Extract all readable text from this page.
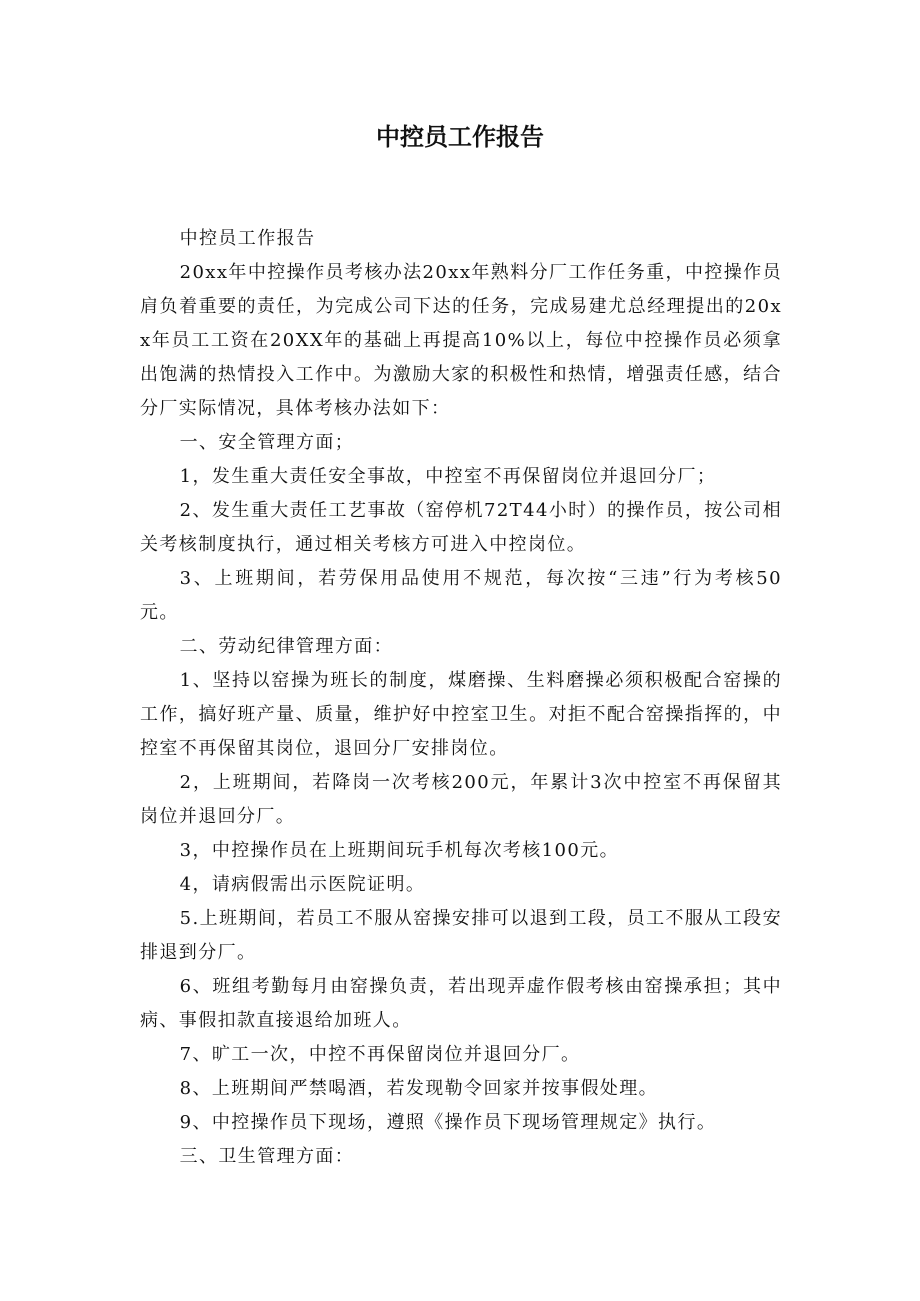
中控员工作报告

中控员工作报告

20xx年中控操作员考核办法20xx年熟料分厂工作任务重，中控操作员肩负着重要的责任，为完成公司下达的任务，完成易建尤总经理提出的20xx年员工工资在20XX年的基础上再提高10%以上，每位中控操作员必须拿出饱满的热情投入工作中。为激励大家的积极性和热情，增强责任感，结合分厂实际情况，具体考核办法如下：

一、安全管理方面；

1，发生重大责任安全事故，中控室不再保留岗位并退回分厂；

2、发生重大责任工艺事故（窑停机72T44小时）的操作员，按公司相关考核制度执行，通过相关考核方可进入中控岗位。

3、上班期间，若劳保用品使用不规范，每次按“三违”行为考核50元。

二、劳动纪律管理方面：

1、坚持以窑操为班长的制度，煤磨操、生料磨操必须积极配合窑操的工作，搞好班产量、质量，维护好中控室卫生。对拒不配合窑操指挥的，中控室不再保留其岗位，退回分厂安排岗位。

2，上班期间，若降岗一次考核200元，年累计3次中控室不再保留其岗位并退回分厂。

3，中控操作员在上班期间玩手机每次考核100元。

4，请病假需出示医院证明。

5.上班期间，若员工不服从窑操安排可以退到工段，员工不服从工段安排退到分厂。

6、班组考勤每月由窑操负责，若出现弄虚作假考核由窑操承担；其中病、事假扣款直接退给加班人。

7、旷工一次，中控不再保留岗位并退回分厂。

8、上班期间严禁喝酒，若发现勒令回家并按事假处理。

9、中控操作员下现场，遵照《操作员下现场管理规定》执行。

三、卫生管理方面：
